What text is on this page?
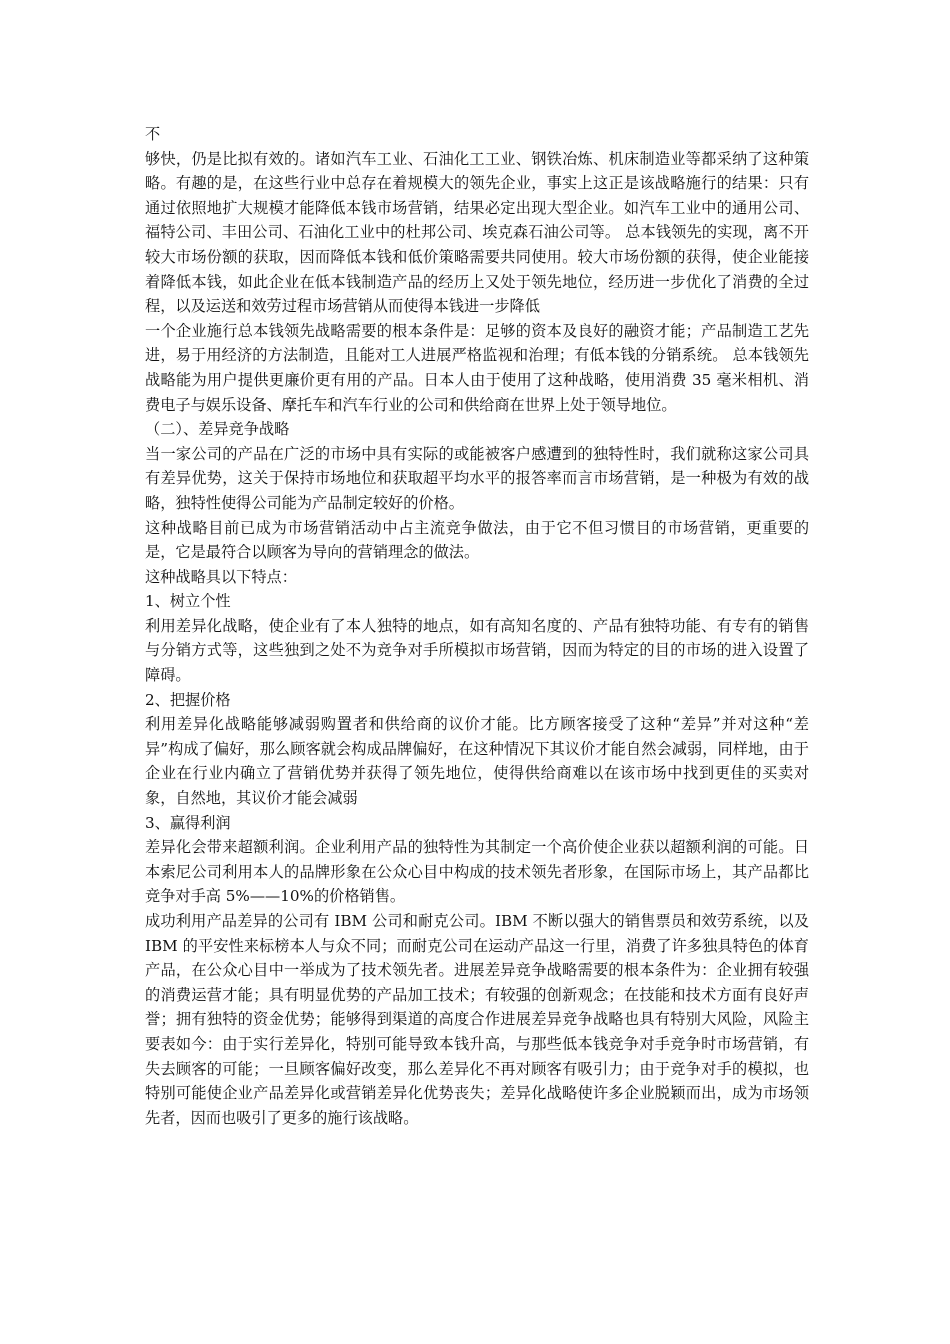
不

够快，仍是比拟有效的。诸如汽车工业、石油化工工业、钢铁冶炼、机床制造业等都采纳了这种策略。有趣的是，在这些行业中总存在着规模大的领先企业，事实上这正是该战略施行的结果：只有通过依照地扩大规模才能降低本钱市场营销，结果必定出现大型企业。如汽车工业中的通用公司、福特公司、丰田公司、石油化工业中的杜邦公司、埃克森石油公司等。 总本钱领先的实现，离不开较大市场份额的获取，因而降低本钱和低价策略需要共同使用。较大市场份额的获得，使企业能接着降低本钱，如此企业在低本钱制造产品的经历上又处于领先地位，经历进一步优化了消费的全过程，以及运送和效劳过程市场营销从而使得本钱进一步降低

一个企业施行总本钱领先战略需要的根本条件是：足够的资本及良好的融资才能；产品制造工艺先进，易于用经济的方法制造，且能对工人进展严格监视和治理；有低本钱的分销系统。 总本钱领先战略能为用户提供更廉价更有用的产品。日本人由于使用了这种战略，使用消费 35 毫米相机、消费电子与娱乐设备、摩托车和汽车行业的公司和供给商在世界上处于领导地位。

（二）、差异竞争战略

当一家公司的产品在广泛的市场中具有实际的或能被客户感遭到的独特性时，我们就称这家公司具有差异优势，这关于保持市场地位和获取超平均水平的报答率而言市场营销，是一种极为有效的战略，独特性使得公司能为产品制定较好的价格。

这种战略目前已成为市场营销活动中占主流竞争做法，由于它不但习惯目的市场营销，更重要的是，它是最符合以顾客为导向的营销理念的做法。

这种战略具以下特点：

1、树立个性

利用差异化战略，使企业有了本人独特的地点，如有高知名度的、产品有独特功能、有专有的销售与分销方式等，这些独到之处不为竞争对手所模拟市场营销，因而为特定的目的市场的进入设置了障碍。

2、把握价格

利用差异化战略能够减弱购置者和供给商的议价才能。比方顾客接受了这种“差异”并对这种“差异”构成了偏好，那么顾客就会构成品牌偏好，在这种情况下其议价才能自然会减弱，同样地，由于企业在行业内确立了营销优势并获得了领先地位，使得供给商难以在该市场中找到更佳的买卖对象，自然地，其议价才能会减弱

3、赢得利润

差异化会带来超额利润。企业利用产品的独特性为其制定一个高价使企业获以超额利润的可能。日本索尼公司利用本人的品牌形象在公众心目中构成的技术领先者形象，在国际市场上，其产品都比竞争对手高 5%——10%的价格销售。

成功利用产品差异的公司有 IBM 公司和耐克公司。IBM 不断以强大的销售票员和效劳系统，以及 IBM 的平安性来标榜本人与众不同；而耐克公司在运动产品这一行里，消费了许多独具特色的体育产品，在公众心目中一举成为了技术领先者。进展差异竞争战略需要的根本条件为：企业拥有较强的消费运营才能；具有明显优势的产品加工技术；有较强的创新观念；在技能和技术方面有良好声誉；拥有独特的资金优势；能够得到渠道的高度合作进展差异竞争战略也具有特别大风险，风险主要表如今：由于实行差异化，特别可能导致本钱升高，与那些低本钱竞争对手竞争时市场营销，有失去顾客的可能；一旦顾客偏好改变，那么差异化不再对顾客有吸引力；由于竞争对手的模拟，也特别可能使企业产品差异化或营销差异化优势丧失；差异化战略使许多企业脱颖而出，成为市场领先者，因而也吸引了更多的施行该战略。
